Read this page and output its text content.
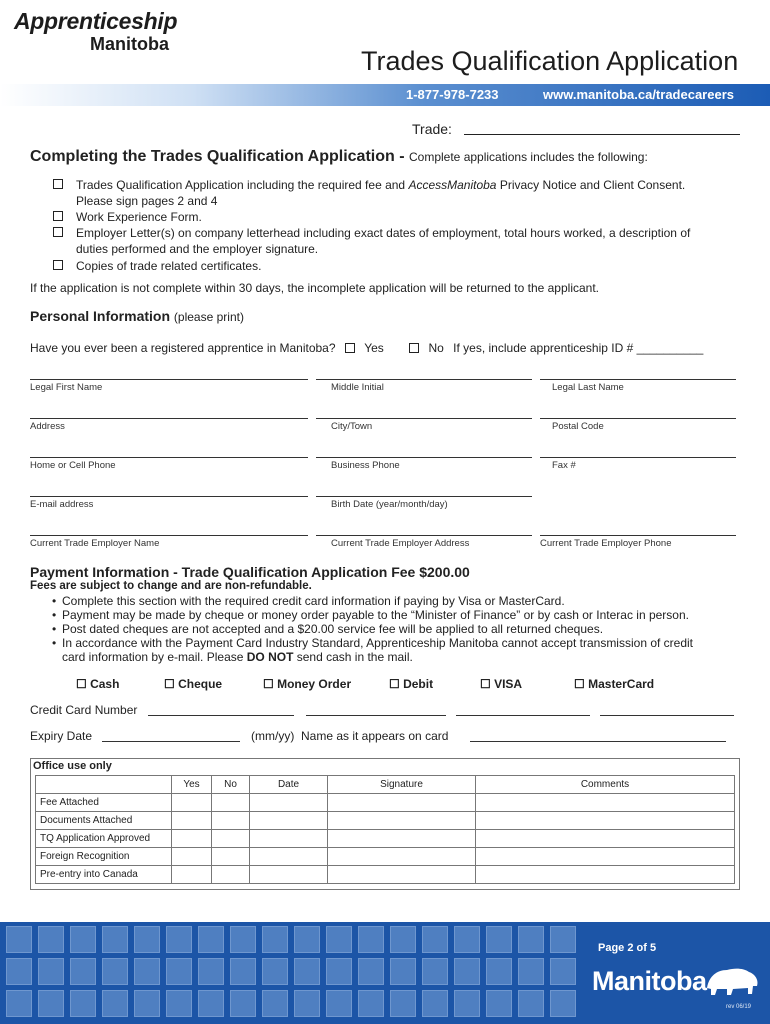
Apprenticeship
Manitoba
Trades Qualification Application
1-877-978-7233	www.manitoba.ca/tradecareers
Trade:
Completing the Trades Qualification Application - Complete applications includes the following:
Trades Qualification Application including the required fee and AccessManitoba Privacy Notice and Client Consent.
Please sign pages 2 and 4
Work Experience Form.
Employer Letter(s) on company letterhead including exact dates of employment, total hours worked, a description of
duties performed and the employer signature.
Copies of trade related certificates.
If the application is not complete within 30 days, the incomplete application will be returned to the applicant.
Personal Information (please print)
Have you ever been a registered apprentice in Manitoba? Yes	No If yes, include apprenticeship ID # __________
Legal First Name	Middle Initial	Legal Last Name
Address	City/Town	Postal Code
Home or Cell Phone	Business Phone	Fax #
E-mail address	Birth Date (year/month/day)
Current Trade Employer Name	Current Trade Employer Address	Current Trade Employer Phone
Payment Information - Trade Qualification Application Fee $200.00
Fees are subject to change and are non-refundable.
• Complete this section with the required credit card information if paying by Visa or MasterCard.
• Payment may be made by cheque or money order payable to the “Minister of Finance” or by cash or Interac in person.
• Post dated cheques are not accepted and a $20.00 service fee will be applied to all returned cheques.
• In accordance with the Payment Card Industry Standard, Apprenticeship Manitoba cannot accept transmission of credit
card information by e-mail. Please DO NOT send cash in the mail.
☐ Cash	☐ Cheque	☐ Money Order	☐ Debit	☐ VISA	☐ MasterCard
Credit Card Number
Expiry Date	(mm/yy) Name as it appears on card
Office use only
	Yes	No	Date	Signature	Comments
Fee Attached					
Documents Attached					
TQ Application Approved					
Foreign Recognition					
Pre-entry into Canada					
Page 2 of 5
Manitoba
rev 06/19
